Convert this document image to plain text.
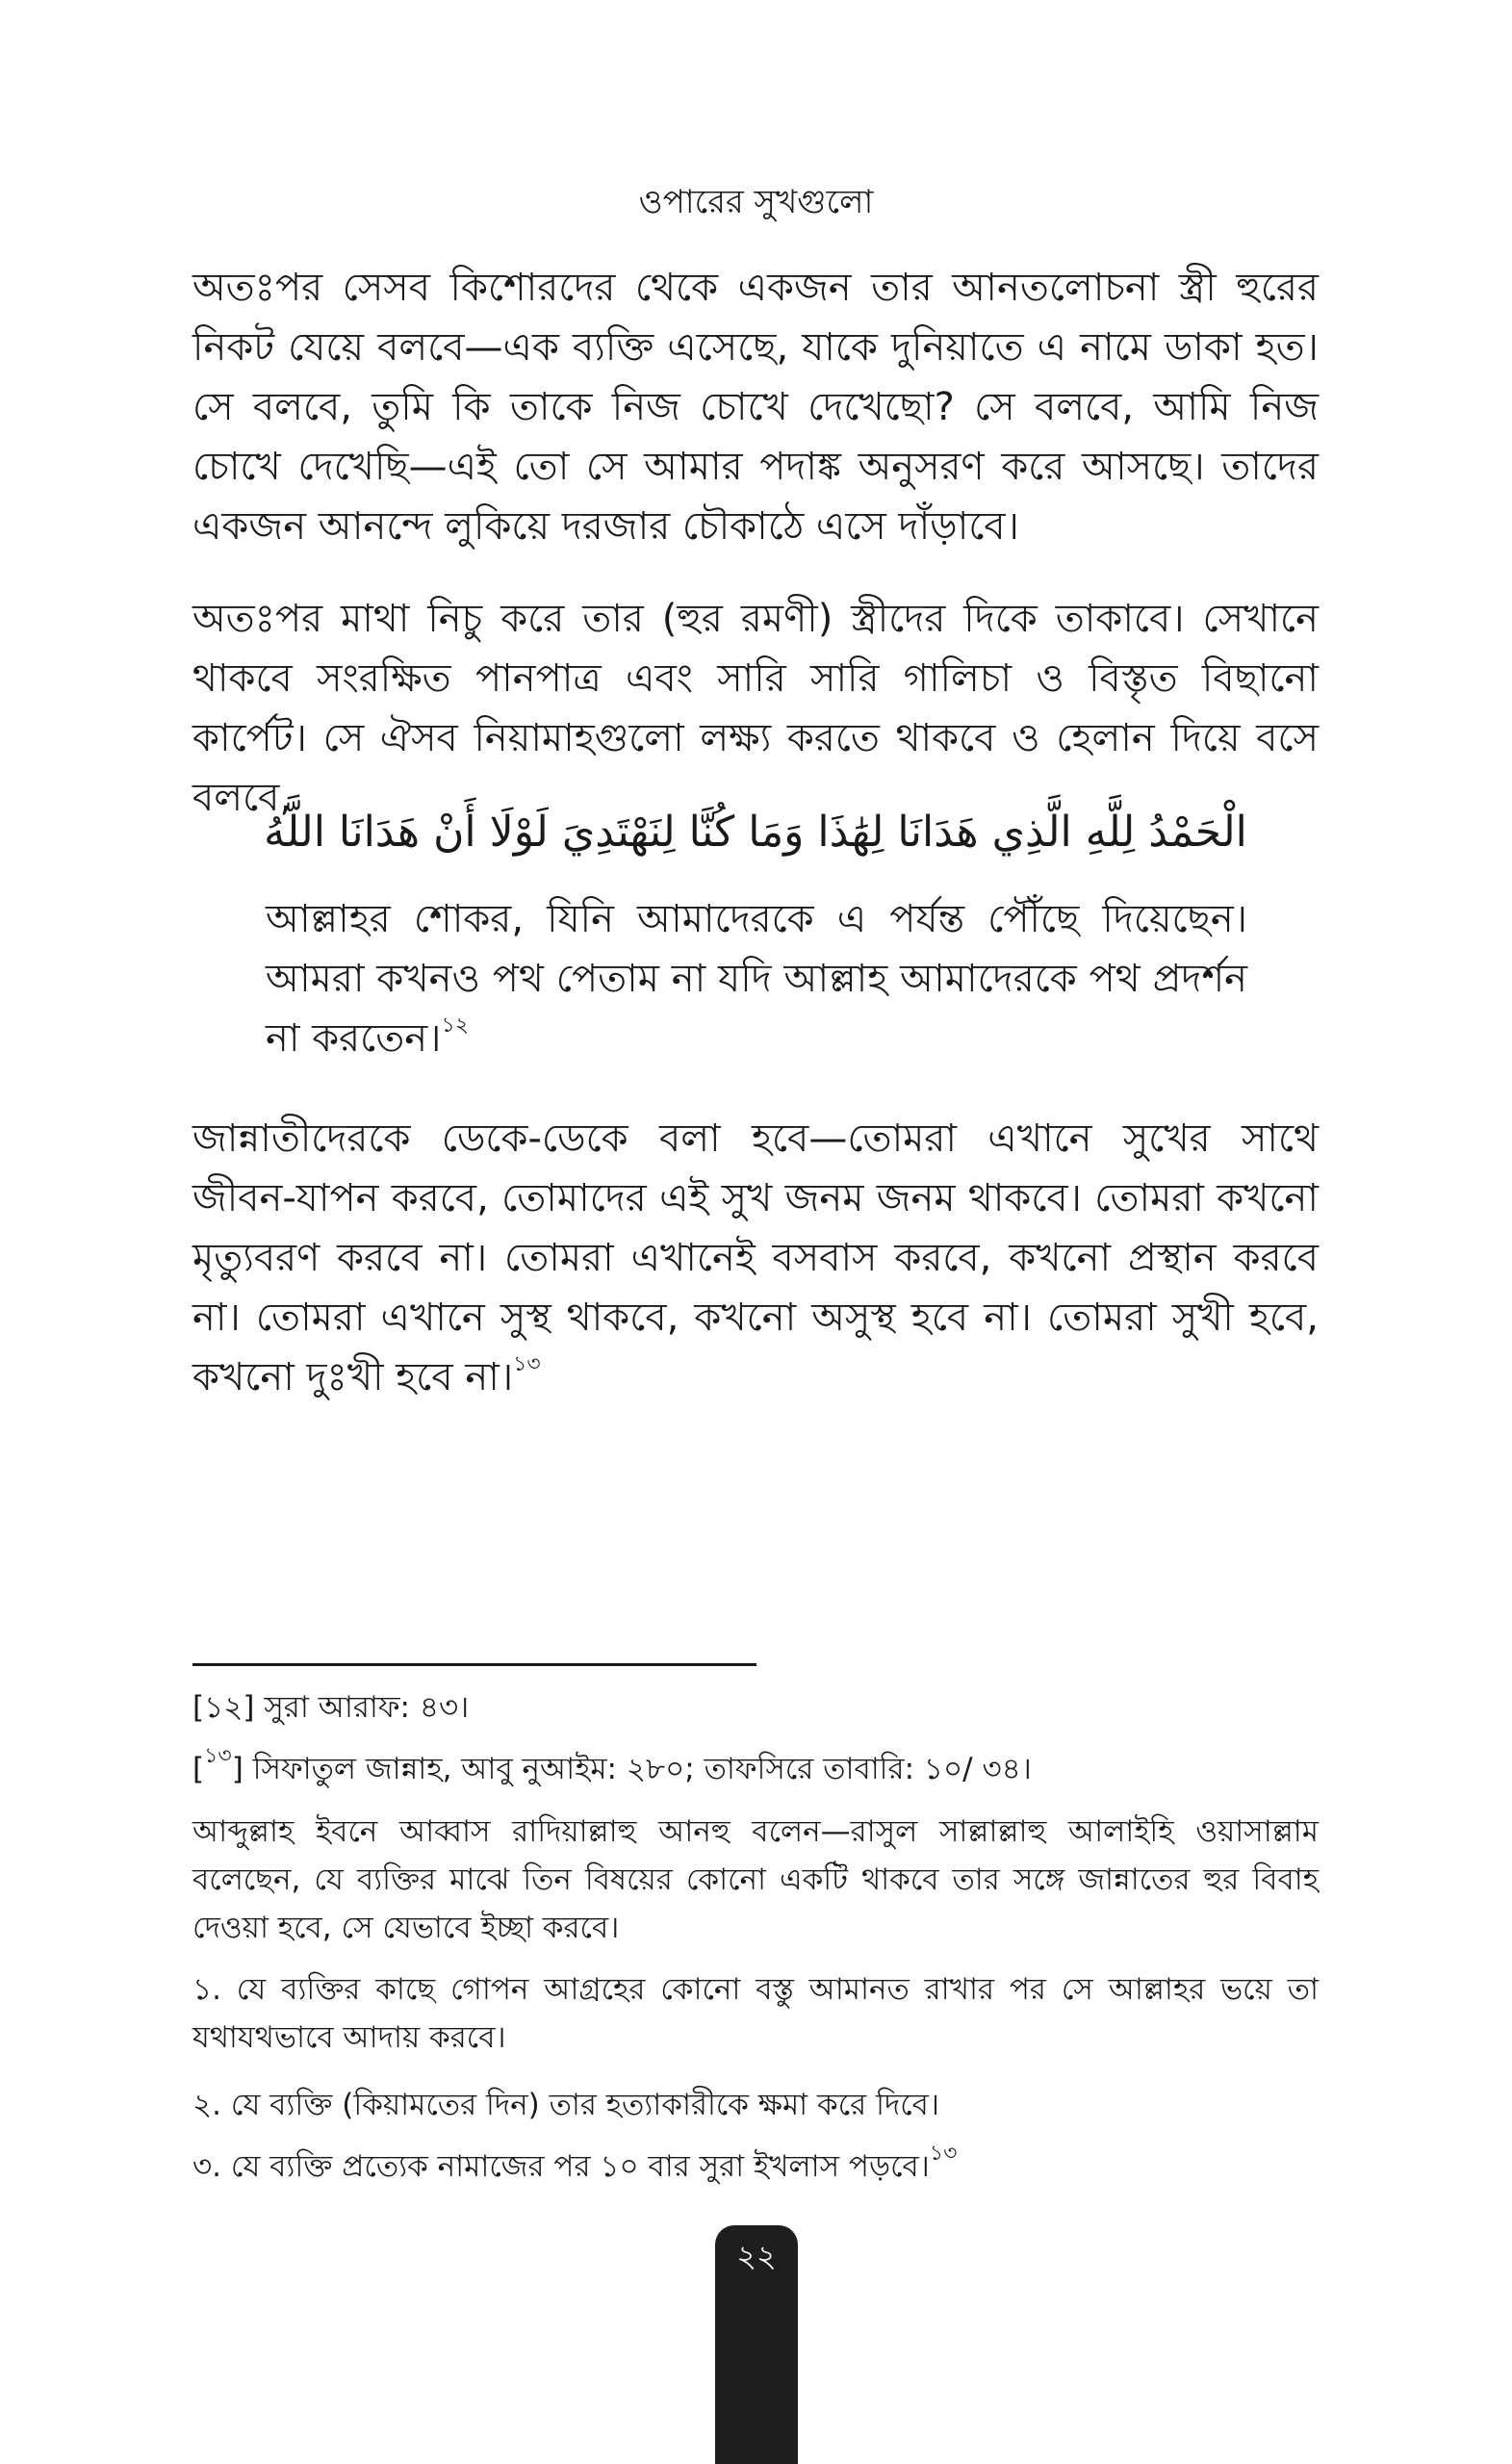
ওপারের সুখগুলো

অতঃপর সেসব কিশোরদের থেকে একজন তার আনতলোচনা স্ত্রী হুরের নিকট যেয়ে বলবে—এক ব্যক্তি এসেছে, যাকে দুনিয়াতে এ নামে ডাকা হত। সে বলবে, তুমি কি তাকে নিজ চোখে দেখেছো? সে বলবে, আমি নিজ চোখে দেখেছি—এই তো সে আমার পদাঙ্ক অনুসরণ করে আসছে। তাদের একজন আনন্দে লুকিয়ে দরজার চৌকাঠে এসে দাঁড়াবে।

অতঃপর মাথা নিচু করে তার (হুর রমণী) স্ত্রীদের দিকে তাকাবে। সেখানে থাকবে সংরক্ষিত পানপাত্র এবং সারি সারি গালিচা ও বিস্তৃত বিছানো কার্পেট। সে ঐসব নিয়ামাহগুলো লক্ষ্য করতে থাকবে ও হেলান দিয়ে বসে বলবে,

الْحَمْدُ لِلَّهِ الَّذِي هَدَانَا لِهَٰذَا وَمَا كُنَّا لِنَهْتَدِيَ لَوْلَا أَنْ هَدَانَا اللَّهُ

আল্লাহর শোকর, যিনি আমাদেরকে এ পর্যন্ত পৌঁছে দিয়েছেন। আমরা কখনও পথ পেতাম না যদি আল্লাহ আমাদেরকে পথ প্রদর্শন না করতেন।$^{১২}$

জান্নাতীদেরকে ডেকে-ডেকে বলা হবে—তোমরা এখানে সুখের সাথে জীবন-যাপন করবে, তোমাদের এই সুখ জনম জনম থাকবে। তোমরা কখনো মৃত্যুবরণ করবে না। তোমরা এখানেই বসবাস করবে, কখনো প্রস্থান করবে না। তোমরা এখানে সুস্থ থাকবে, কখনো অসুস্থ হবে না। তোমরা সুখী হবে, কখনো দুঃখী হবে না।$^{১৩}$

[১২] সুরা আরাফ: ৪৩।

[$^{১৩}$] সিফাতুল জান্নাহ, আবু নুআইম: ২৮০; তাফসিরে তাবারি: ১০/ ৩৪।

আব্দুল্লাহ ইবনে আব্বাস রাদিয়াল্লাহু আনহু বলেন—রাসুল সাল্লাল্লাহু আলাইহি ওয়াসাল্লাম বলেছেন, যে ব্যক্তির মাঝে তিন বিষয়ের কোনো একটি থাকবে তার সঙ্গে জান্নাতের হুর বিবাহ দেওয়া হবে, সে যেভাবে ইচ্ছা করবে।

১. যে ব্যক্তির কাছে গোপন আগ্রহের কোনো বস্তু আমানত রাখার পর সে আল্লাহর ভয়ে তা যথাযথভাবে আদায় করবে।

২. যে ব্যক্তি (কিয়ামতের দিন) তার হত্যাকারীকে ক্ষমা করে দিবে।

৩. যে ব্যক্তি প্রত্যেক নামাজের পর ১০ বার সুরা ইখলাস পড়বে।$^{১৩}$

২২
